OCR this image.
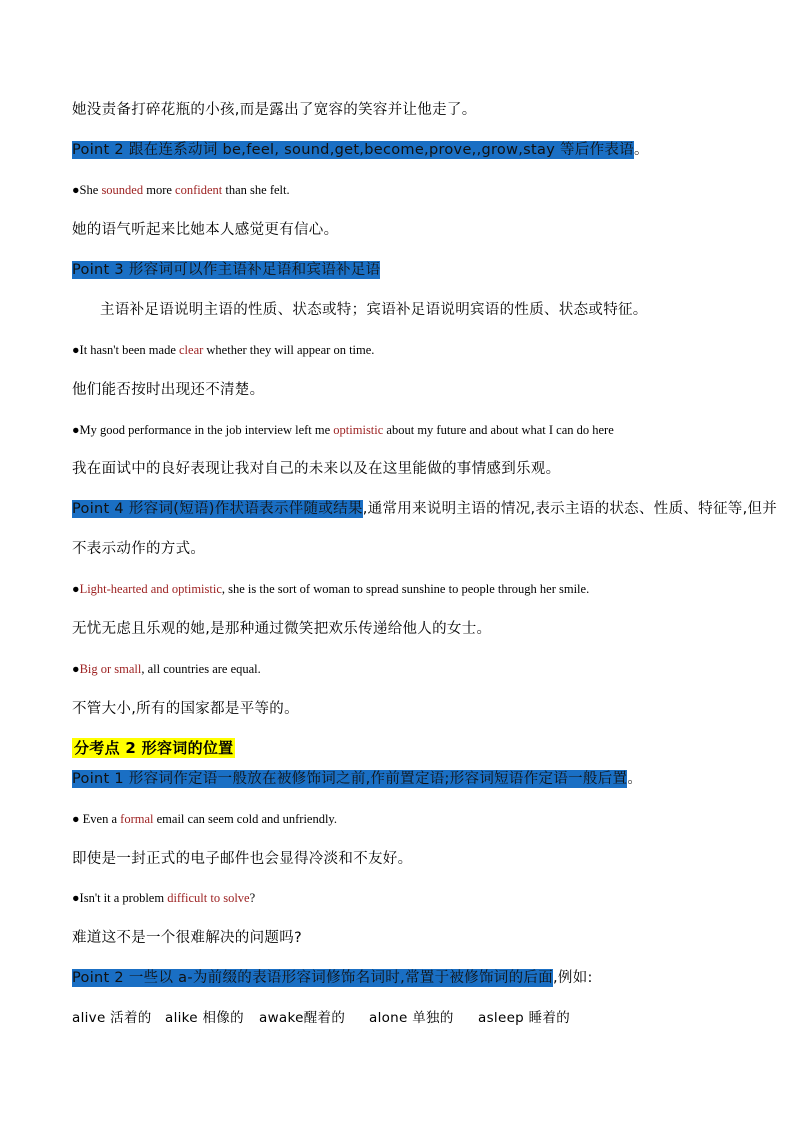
她没责备打碎花瓶的小孩,而是露出了宽容的笑容并让他走了。
Point 2 跟在连系动词 be,feel, sound,get,become,prove,,grow,stay 等后作表语。
●She sounded more confident than she felt.
她的语气听起来比她本人感觉更有信心。
Point 3 形容词可以作主语补足语和宾语补足语
主语补足语说明主语的性质、状态或特；宾语补足语说明宾语的性质、状态或特征。
●It hasn't been made clear whether they will appear on time.
他们能否按时出现还不清楚。
●My good performance in the job interview left me optimistic about my future and about what I can do here
我在面试中的良好表现让我对自己的未来以及在这里能做的事情感到乐观。
Point 4 形容词(短语)作状语表示伴随或结果,通常用来说明主语的情况,表示主语的状态、性质、特征等,但并
不表示动作的方式。
●Light-hearted and optimistic, she is the sort of woman to spread sunshine to people through her smile.
无忧无虑且乐观的她,是那种通过微笑把欢乐传递给他人的女士。
●Big or small, all countries are equal.
不管大小,所有的国家都是平等的。
分考点 2 形容词的位置
Point 1 形容词作定语一般放在被修饰词之前,作前置定语;形容词短语作定语一般后置。
● Even a formal email can seem cold and unfriendly.
即使是一封正式的电子邮件也会显得冷淡和不友好。
●Isn't it a problem difficult to solve?
难道这不是一个很难解决的问题吗?
Point 2 一些以 a-为前缀的表语形容词修饰名词时,常置于被修饰词的后面,例如:
alive 活着的 alike 相像的 awake醒着的 alone 单独的 asleep 睡着的
